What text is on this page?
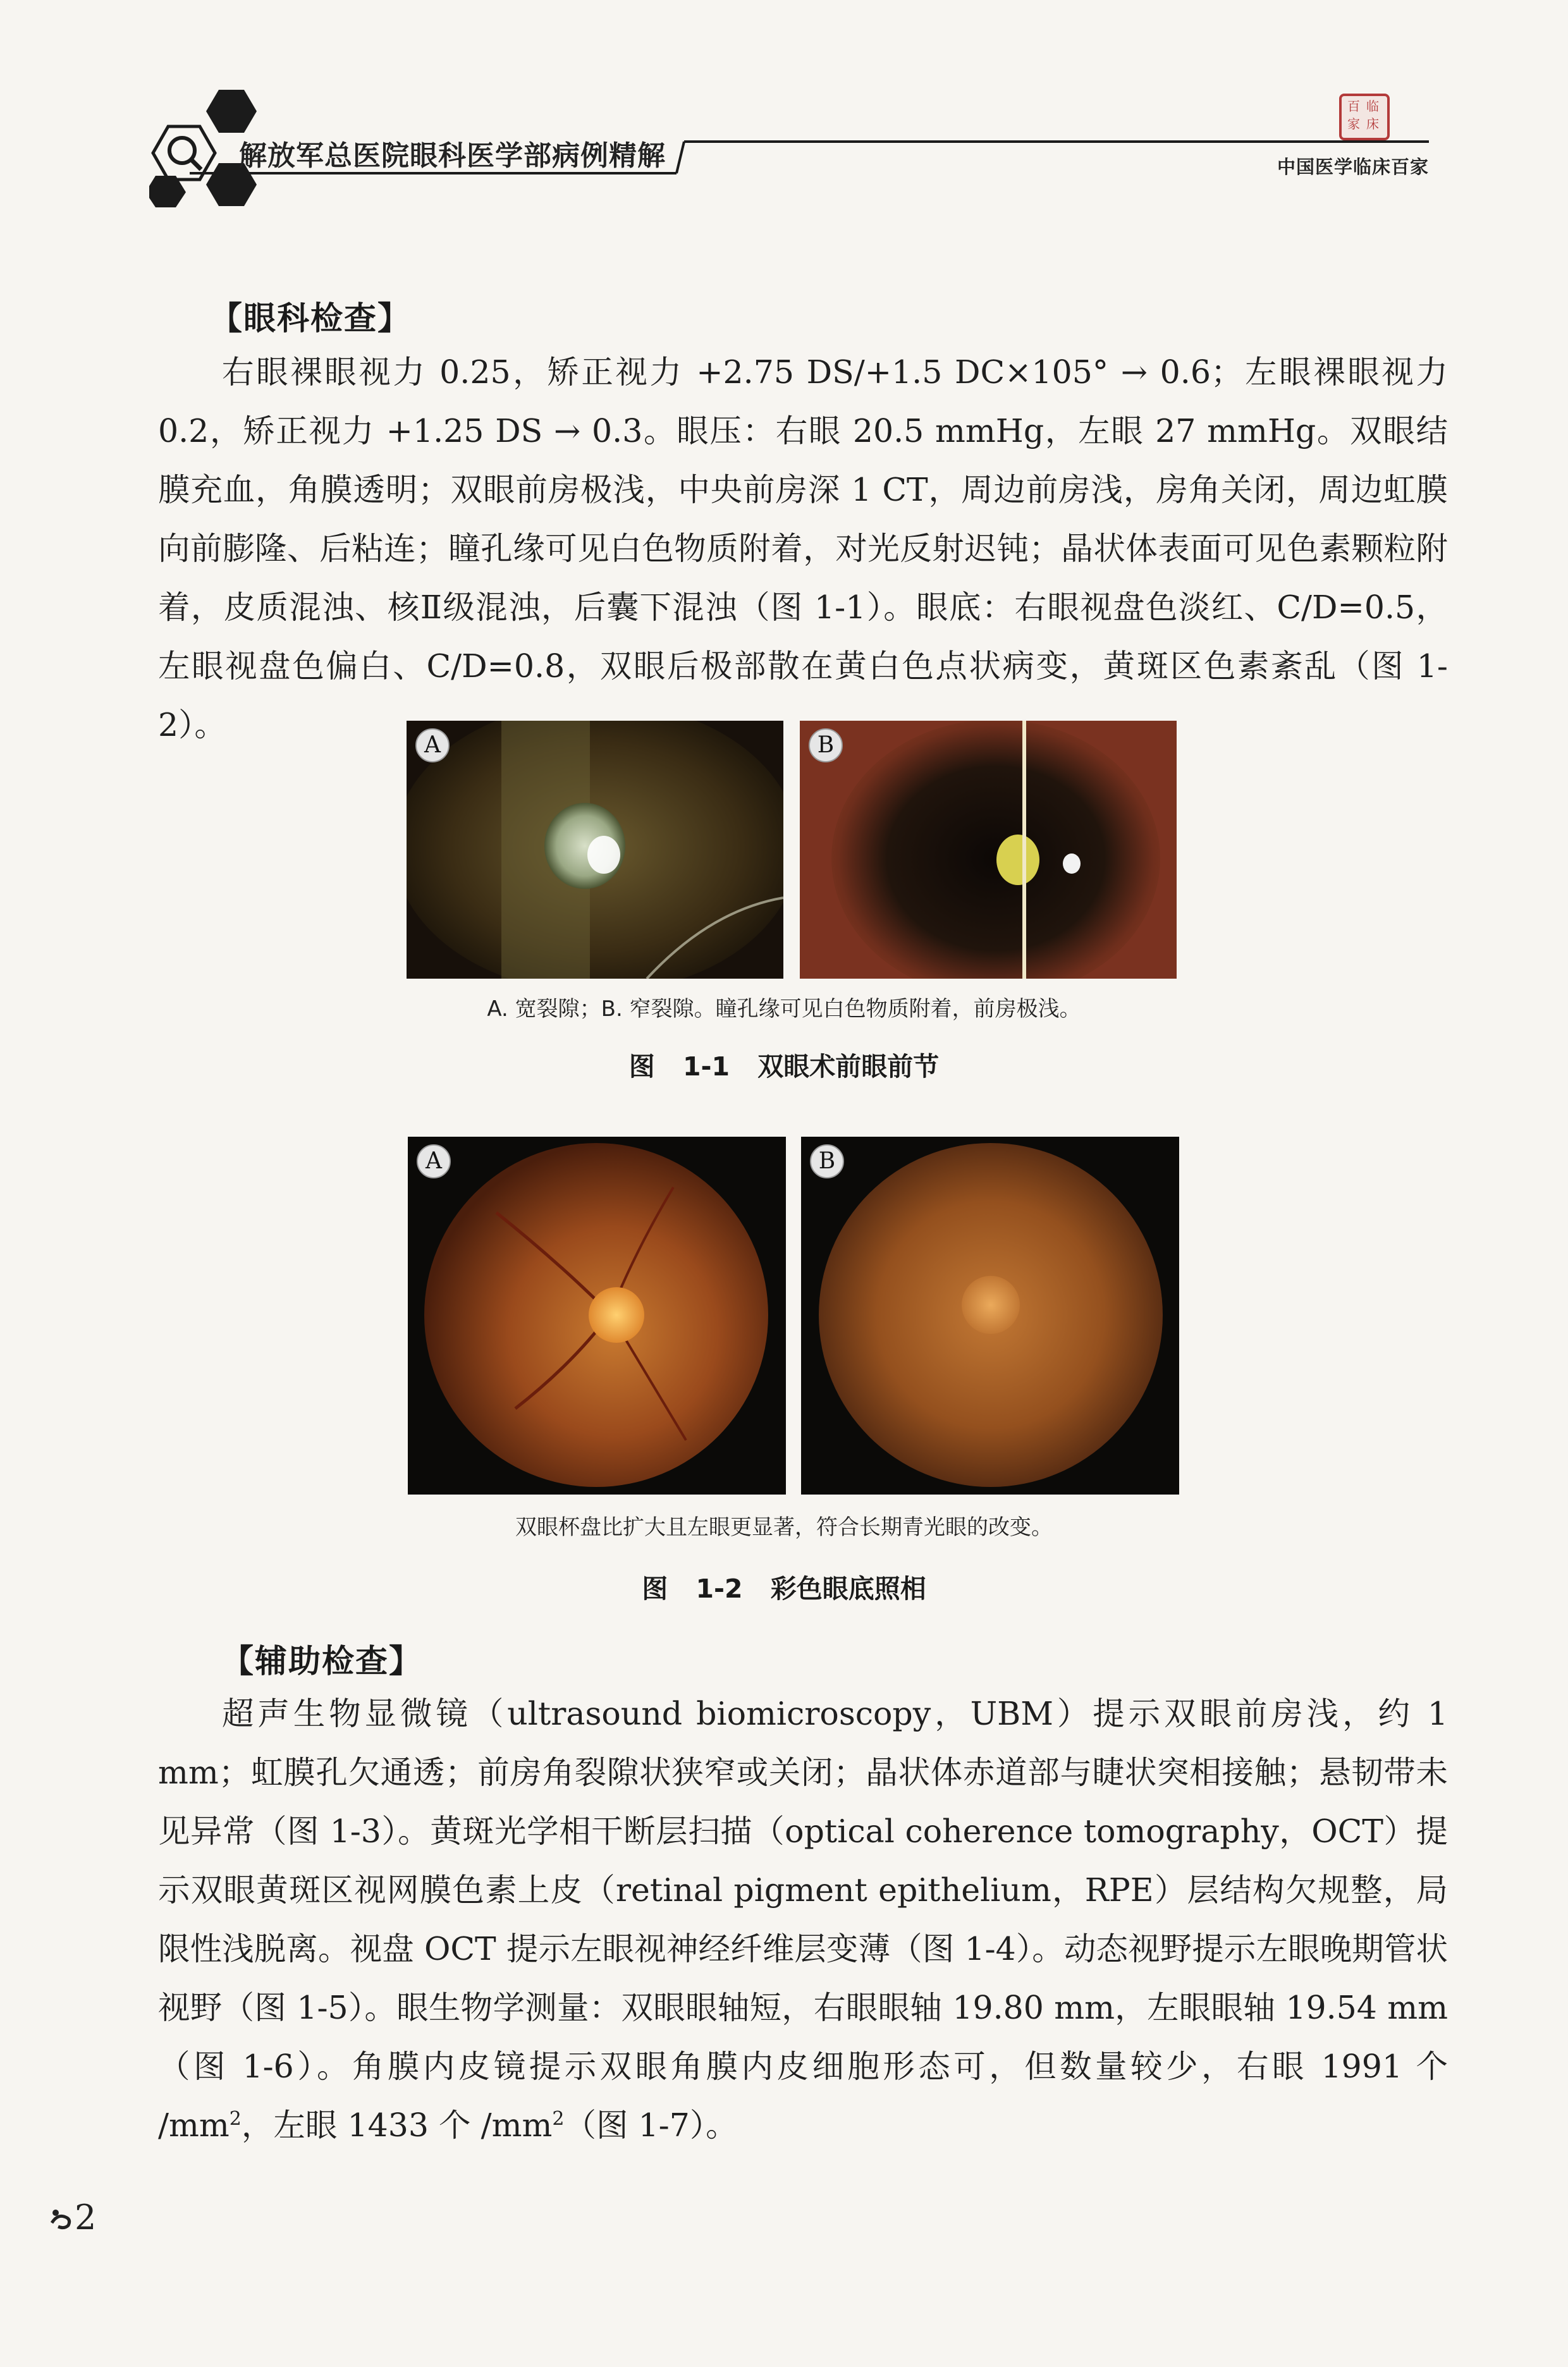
解放军总医院眼科医学部病例精解
百 临
家 床
中国医学临床百家
【眼科检查】

右眼裸眼视力 0.25，矫正视力 +2.75 DS/+1.5 DC×105° → 0.6；左眼裸眼视力 0.2，矫正视力 +1.25 DS → 0.3。眼压：右眼 20.5 mmHg，左眼 27 mmHg。双眼结膜充血，角膜透明；双眼前房极浅，中央前房深 1 CT，周边前房浅，房角关闭，周边虹膜向前膨隆、后粘连；瞳孔缘可见白色物质附着，对光反射迟钝；晶状体表面可见色素颗粒附着，皮质混浊、核Ⅱ级混浊，后囊下混浊（图 1-1）。眼底：右眼视盘色淡红、C/D=0.5，左眼视盘色偏白、C/D=0.8，双眼后极部散在黄白色点状病变，黄斑区色素紊乱（图 1-2）。

A	B
A. 宽裂隙；B. 窄裂隙。瞳孔缘可见白色物质附着，前房极浅。
图 1-1 双眼术前眼前节
A	B
双眼杯盘比扩大且左眼更显著，符合长期青光眼的改变。
图 1-2 彩色眼底照相
【辅助检查】

超声生物显微镜（ultrasound biomicroscopy，UBM）提示双眼前房浅，约 1 mm；虹膜孔欠通透；前房角裂隙状狭窄或关闭；晶状体赤道部与睫状突相接触；悬韧带未见异常（图 1-3）。黄斑光学相干断层扫描（optical coherence tomography，OCT）提示双眼黄斑区视网膜色素上皮（retinal pigment epithelium，RPE）层结构欠规整，局限性浅脱离。视盘 OCT 提示左眼视神经纤维层变薄（图 1-4）。动态视野提示左眼晚期管状视野（图 1-5）。眼生物学测量：双眼眼轴短，右眼眼轴 19.80 mm，左眼眼轴 19.54 mm（图 1-6）。角膜内皮镜提示双眼角膜内皮细胞形态可，但数量较少，右眼 1991 个 $/mm^2$，左眼 1433 个 $/mm^2$（图 1-7）。

2
